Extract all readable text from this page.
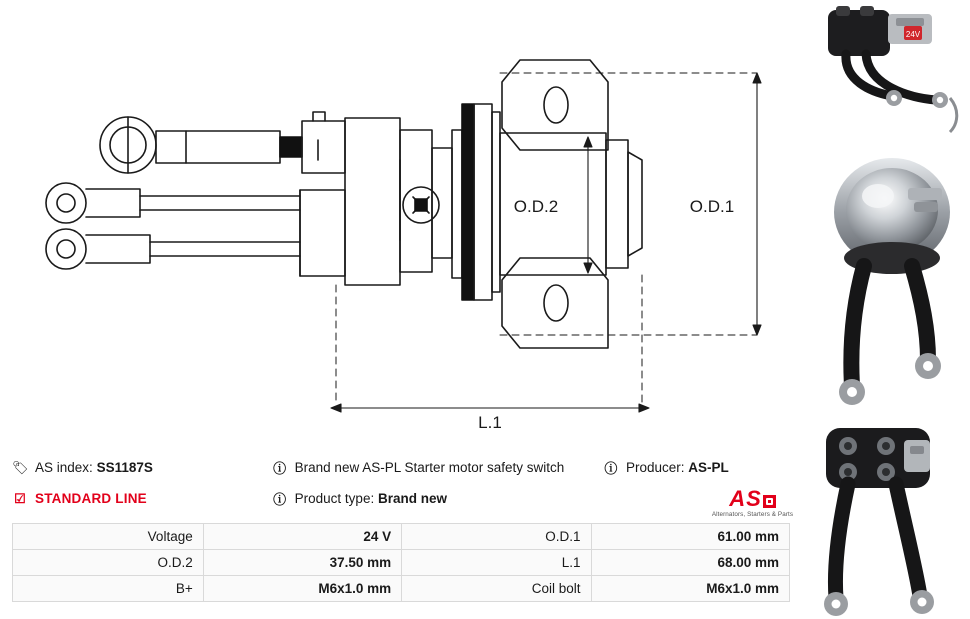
O.D.2	O.D.1
L.1
24V
🏷 AS index:
SS1187S	ⓘ Brand new AS-PL Starter motor safety switch	ⓘ Producer:
AS-PL
☑ STANDARD LINE	ⓘ Product type:
Brand new	AS
Alternators, Starters & Parts
Voltage	24 V	O.D.1	61.00 mm
O.D.2	37.50 mm	L.1	68.00 mm
B+	M6x1.0 mm	Coil bolt	M6x1.0 mm
